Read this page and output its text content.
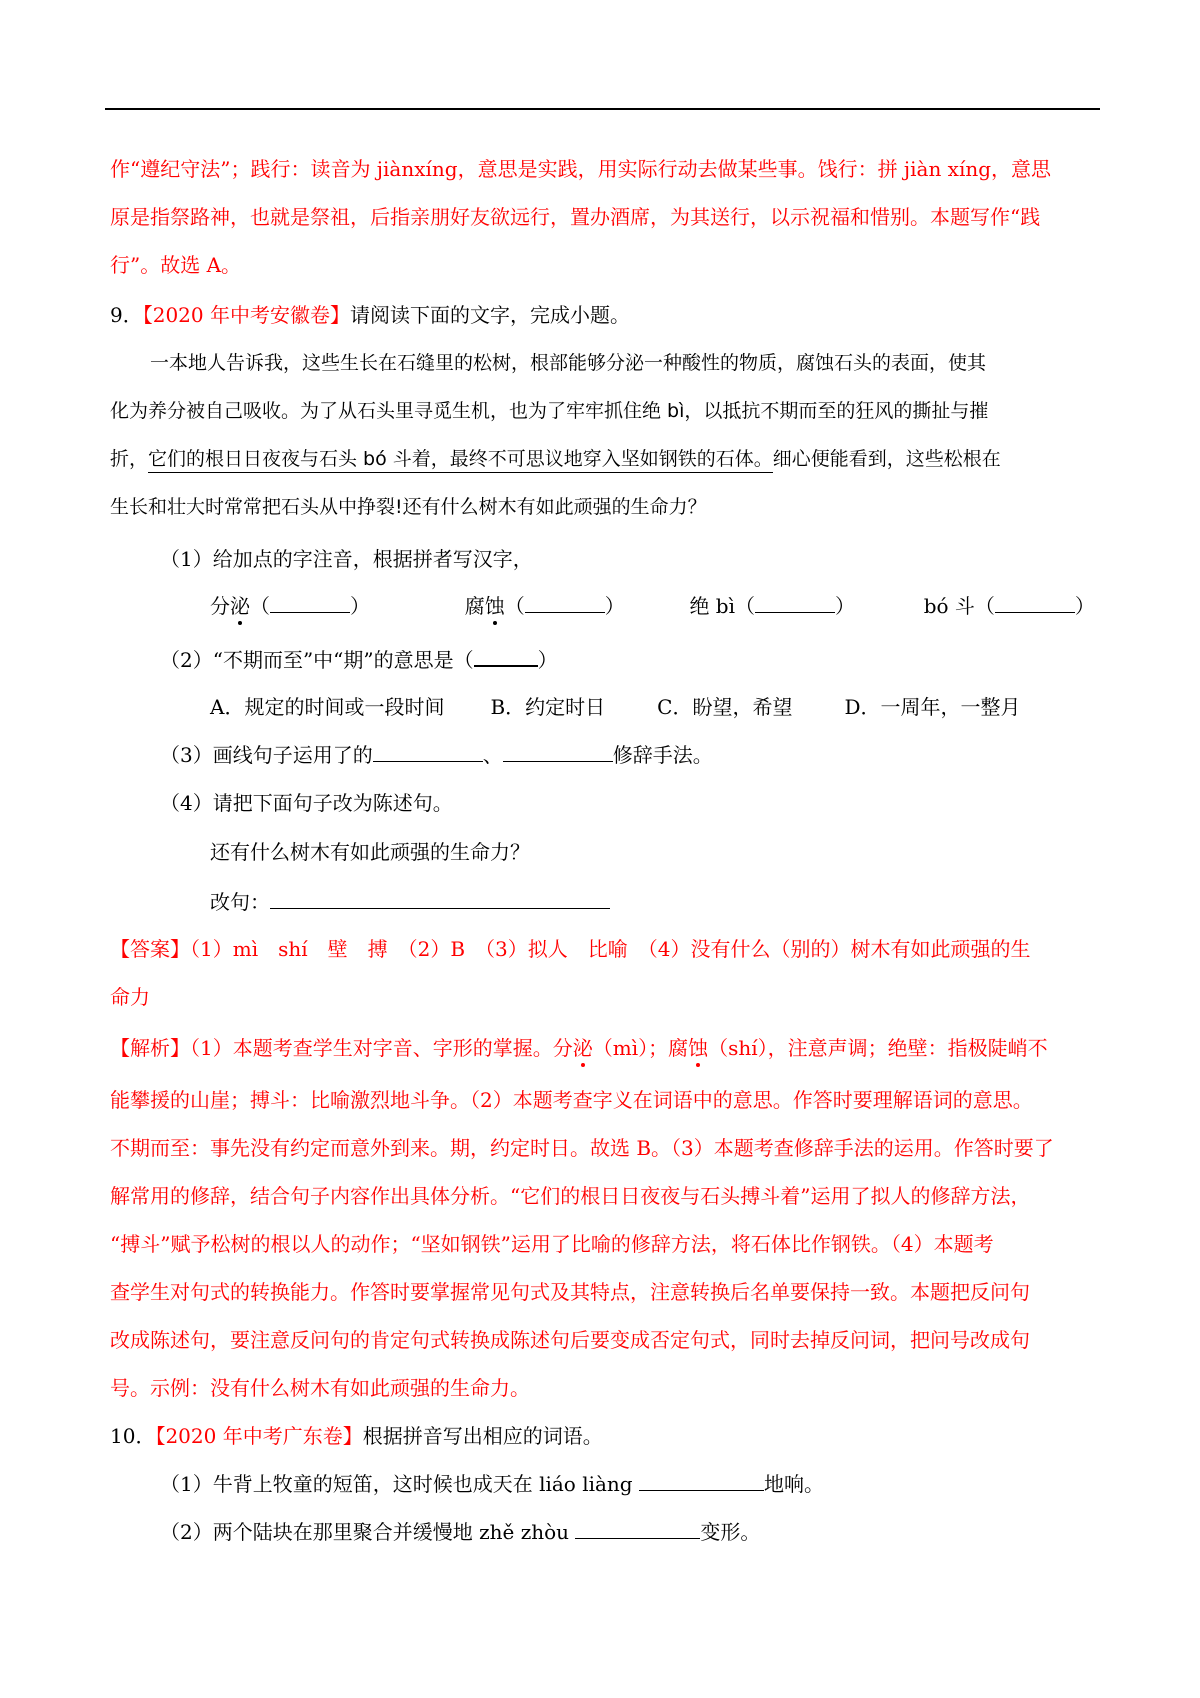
作“遵纪守法”；践行：读音为 jiànxíng，意思是实践，用实际行动去做某些事。饯行：拼 jiàn xíng，意思
原是指祭路神，也就是祭祖，后指亲朋好友欲远行，置办酒席，为其送行，以示祝福和惜别。本题写作“践
行”。故选 A。
9．【2020 年中考安徽卷】请阅读下面的文字，完成小题。
一本地人告诉我，这些生长在石缝里的松树，根部能够分泌一种酸性的物质，腐蚀石头的表面，使其
化为养分被自己吸收。为了从石头里寻觅生机，也为了牢牢抓住绝 bì，以抵抗不期而至的狂风的撕扯与摧
折，它们的根日日夜夜与石头 bó 斗着，最终不可思议地穿入坚如钢铁的石体。细心便能看到，这些松根在
生长和壮大时常常把石头从中挣裂!还有什么树木有如此顽强的生命力？
（1）给加点的字注音，根据拼者写汉字，
分泌（	）	腐蚀（	）	绝 bì（	）	bó 斗（	）
（2）“不期而至”中“期”的意思是（	）
A．规定的时间或一段时间 B．约定时日	C．盼望，希望	D．一周年，一整月
（3）画线句子运用了的	、	修辞手法。
（4）请把下面句子改为陈述句。
还有什么树木有如此顽强的生命力？
改句：
【答案】（1）mì　shí　壁　搏　（2）B　（3）拟人　比喻　（4）没有什么（别的）树木有如此顽强的生
命力
【解析】（1）本题考查学生对字音、字形的掌握。分泌（mì）；腐蚀（shí），注意声调；绝壁：指极陡峭不
能攀援的山崖；搏斗：比喻激烈地斗争。（2）本题考查字义在词语中的意思。作答时要理解语词的意思。
不期而至：事先没有约定而意外到来。期，约定时日。故选 B。（3）本题考查修辞手法的运用。作答时要了
解常用的修辞，结合句子内容作出具体分析。“它们的根日日夜夜与石头搏斗着”运用了拟人的修辞方法，
“搏斗”赋予松树的根以人的动作；“坚如钢铁”运用了比喻的修辞方法，将石体比作钢铁。（4）本题考
查学生对句式的转换能力。作答时要掌握常见句式及其特点，注意转换后名单要保持一致。本题把反问句
改成陈述句，要注意反问句的肯定句式转换成陈述句后要变成否定句式，同时去掉反问词，把问号改成句
号。示例：没有什么树木有如此顽强的生命力。
10．【2020 年中考广东卷】根据拼音写出相应的词语。
（1）牛背上牧童的短笛，这时候也成天在 liáo liàng	地响。
（2）两个陆块在那里聚合并缓慢地 zhě zhòu	变形。
